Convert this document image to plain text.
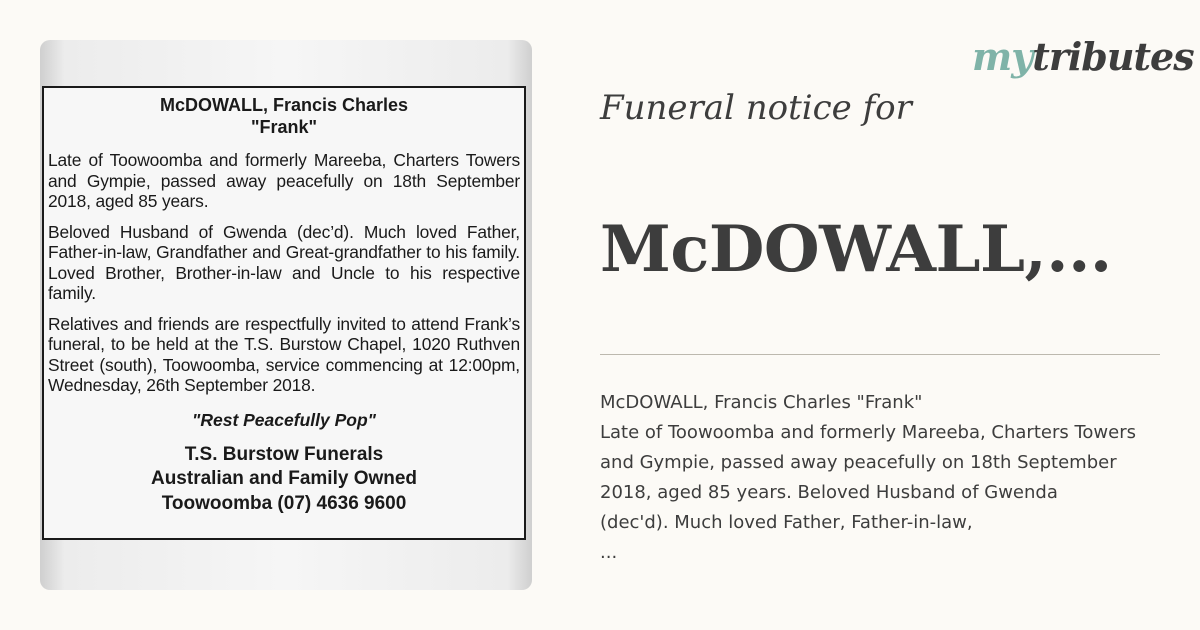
McDOWALL, Francis Charles
"Frank"

Late of Toowoomba and formerly Mareeba, Charters Towers and Gympie, passed away peacefully on 18th September 2018, aged 85 years.

Beloved Husband of Gwenda (dec’d). Much loved Father, Father-in-law, Grandfather and Great-grandfather to his family. Loved Brother, Brother-in-law and Uncle to his respective family.

Relatives and friends are respectfully invited to attend Frank’s funeral, to be held at the T.S. Burstow Chapel, 1020 Ruthven Street (south), Toowoomba, service commencing at 12:00pm, Wednesday, 26th September 2018.

"Rest Peacefully Pop"
T.S. Burstow Funerals
Australian and Family Owned
Toowoomba (07) 4636 9600
mytributes
Funeral notice for
McDOWALL,...
McDOWALL, Francis Charles "Frank"
Late of Toowoomba and formerly Mareeba, Charters Towers
and Gympie, passed away peacefully on 18th September
2018, aged 85 years. Beloved Husband of Gwenda
(dec'd). Much loved Father, Father-in-law,
...
